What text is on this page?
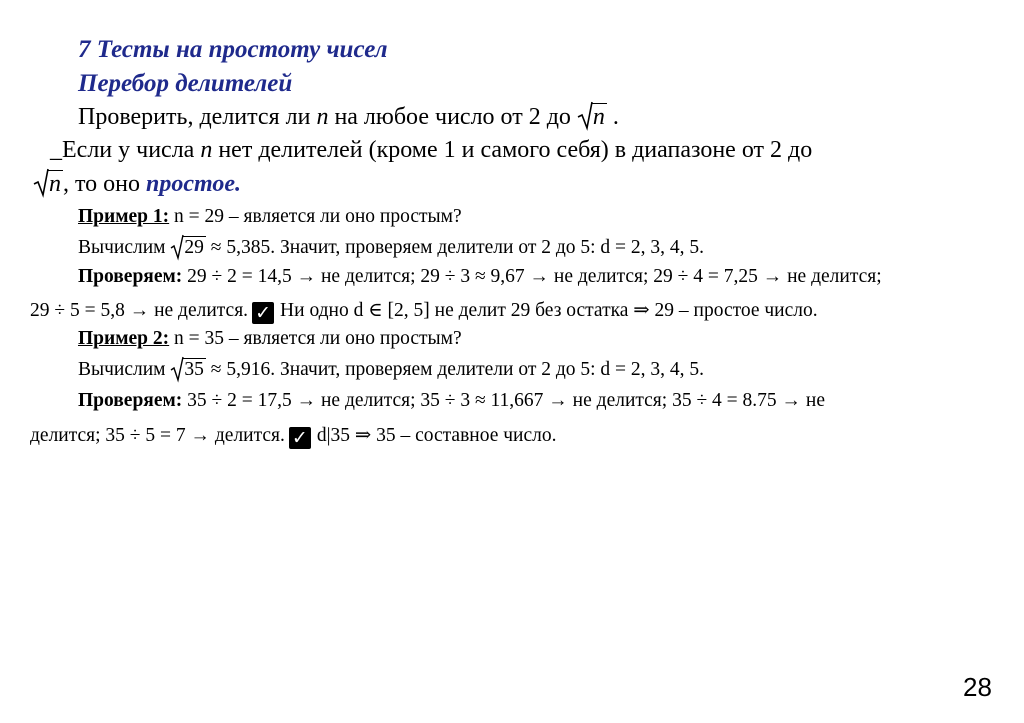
7 Тесты на простоту чисел
Перебор делителей
Проверить, делится ли n на любое число от 2 до
n .
_Если у числа n нет делителей (кроме 1 и самого себя) в диапазоне от 2 до
n, то оно простое.
Пример 1: n = 29 – является ли оно простым?
Вычислим 29 ≈ 5,385. Значит, проверяем делители от 2 до 5: d = 2, 3, 4, 5.
Проверяем: 29 ÷ 2 = 14,5 → не делится; 29 ÷ 3 ≈ 9,67 → не делится; 29 ÷ 4 = 7,25 → не делится;
29 ÷ 5 = 5,8 → не делится. ✓ Ни одно d ∈ [2, 5] не делит 29 без остатка ⇒ 29 – простое число.
Пример 2: n = 35 – является ли оно простым?
Вычислим 35 ≈ 5,916. Значит, проверяем делители от 2 до 5: d = 2, 3, 4, 5.
Проверяем: 35 ÷ 2 = 17,5 → не делится; 35 ÷ 3 ≈ 11,667 → не делится; 35 ÷ 4 = 8.75 → не
делится; 35 ÷ 5 = 7 → делится. ✓ d|35 ⇒ 35 – составное число.
28
